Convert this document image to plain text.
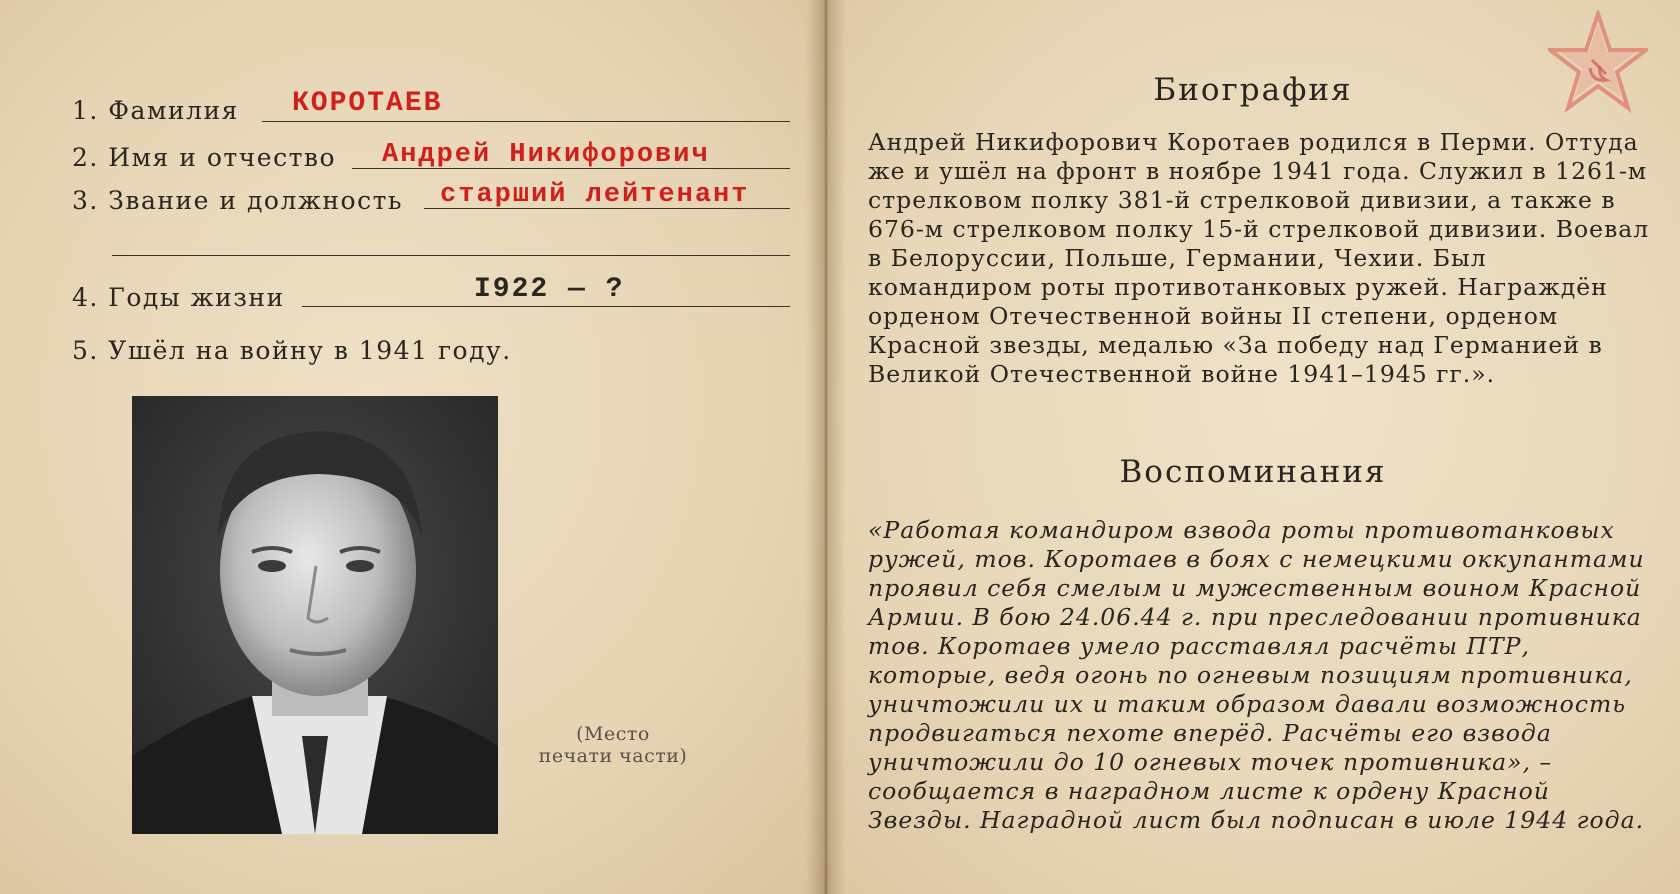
1. Фамилия КОРОТАЕВ
2. Имя и отчество Андрей Никифорович
3. Звание и должность старший лейтенант
4. Годы жизни	I922 — ?
5. Ушёл на войну в 1941 году.
(Место
печати части)
Биография
Андрей Никифорович Коротаев родился в Перми. Оттуда же и ушёл на фронт в ноябре 1941 года. Служил в 1261-м стрелковом полку 381-й стрелковой дивизии, а также в 676-м стрелковом полку 15-й стрелковой дивизии. Воевал в Белоруссии, Польше, Германии, Чехии. Был командиром роты противотанковых ружей. Награждён орденом Отечественной войны II степени, орденом Красной звезды, медалью «За победу над Германией в Великой Отечественной войне 1941–1945 гг.».
Воспоминания
«Работая командиром взвода роты противотанковых ружей, тов. Коротаев в боях с немецкими оккупантами проявил себя смелым и мужественным воином Красной Армии. В бою 24.06.44 г. при преследовании противника тов. Коротаев умело расставлял расчёты ПТР, которые, ведя огонь по огневым позициям противника, уничтожили их и таким образом давали возможность продвигаться пехоте вперёд. Расчёты его взвода уничтожили до 10 огневых точек противника», – сообщается в наградном листе к ордену Красной Звезды. Наградной лист был подписан в июле 1944 года.
